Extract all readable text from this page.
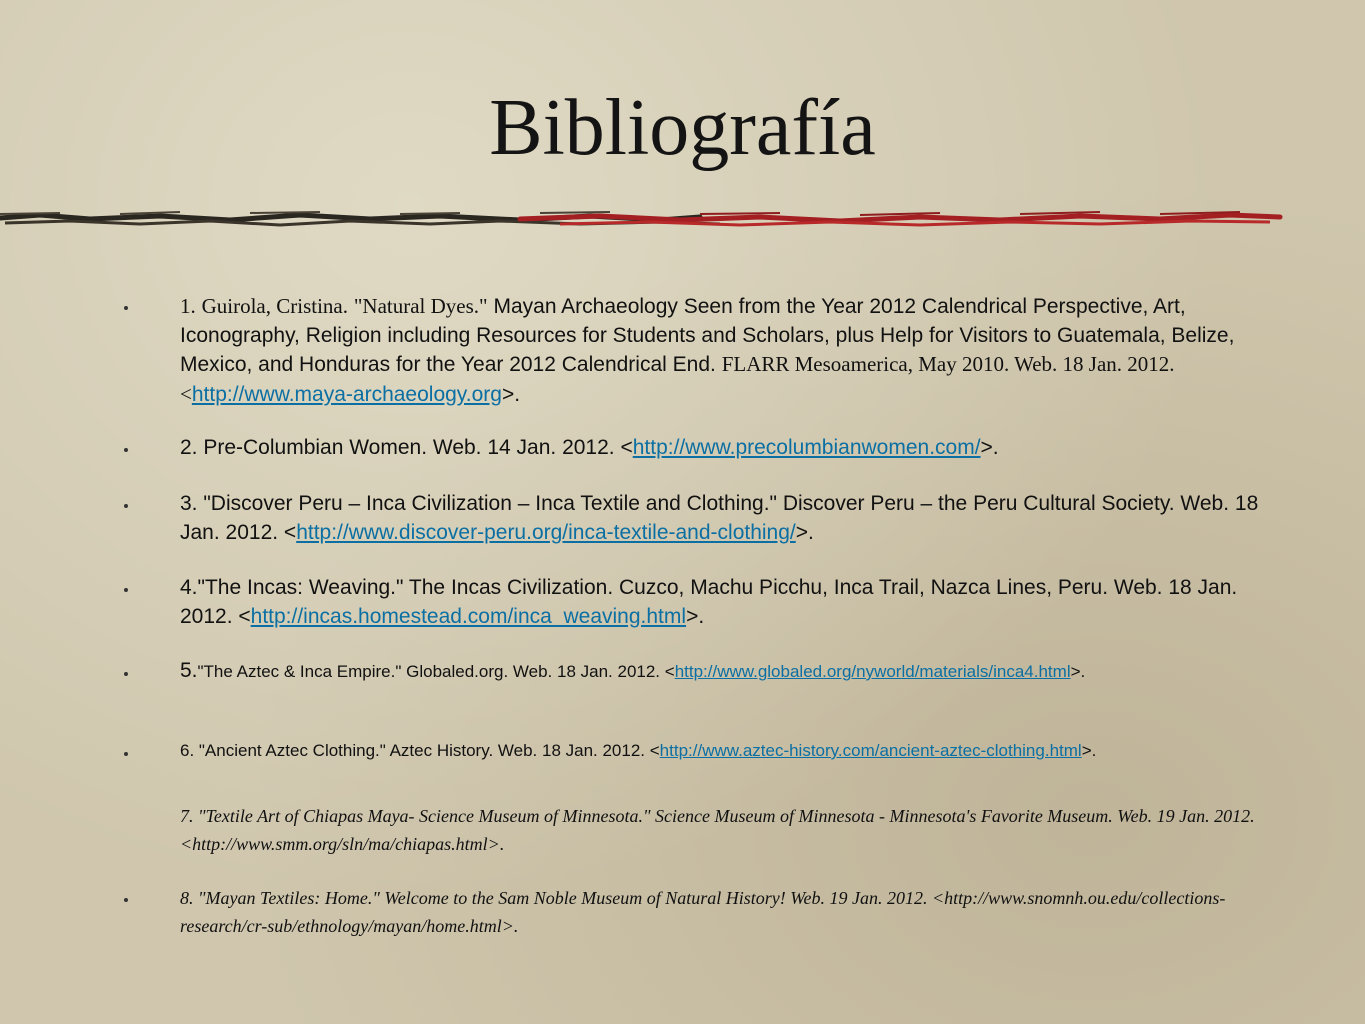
Bibliografía

1. Guirola, Cristina. "Natural Dyes." Mayan Archaeology Seen from the Year 2012 Calendrical Perspective, Art, Iconography, Religion including Resources for Students and Scholars, plus Help for Visitors to Guatemala, Belize, Mexico, and Honduras for the Year 2012 Calendrical End. FLARR Mesoamerica, May 2010. Web. 18 Jan. 2012. <http://www.maya-archaeology.org>.

2. Pre-Columbian Women. Web. 14 Jan. 2012. <http://www.precolumbianwomen.com/>.

3. "Discover Peru – Inca Civilization – Inca Textile and Clothing." Discover Peru – the Peru Cultural Society. Web. 18 Jan. 2012. <http://www.discover-peru.org/inca-textile-and-clothing/>.

4."The Incas: Weaving." The Incas Civilization. Cuzco, Machu Picchu, Inca Trail, Nazca Lines, Peru. Web. 18 Jan. 2012. <http://incas.homestead.com/inca_weaving.html>.

5."The Aztec & Inca Empire." Globaled.org. Web. 18 Jan. 2012. <http://www.globaled.org/nyworld/materials/inca4.html>.

6. "Ancient Aztec Clothing." Aztec History. Web. 18 Jan. 2012. <http://www.aztec-history.com/ancient-aztec-clothing.html>.

7. "Textile Art of Chiapas Maya- Science Museum of Minnesota." Science Museum of Minnesota - Minnesota's Favorite Museum. Web. 19 Jan. 2012. <http://www.smm.org/sln/ma/chiapas.html>.

8. "Mayan Textiles: Home." Welcome to the Sam Noble Museum of Natural History! Web. 19 Jan. 2012. <http://www.snomnh.ou.edu/collections-research/cr-sub/ethnology/mayan/home.html>.
